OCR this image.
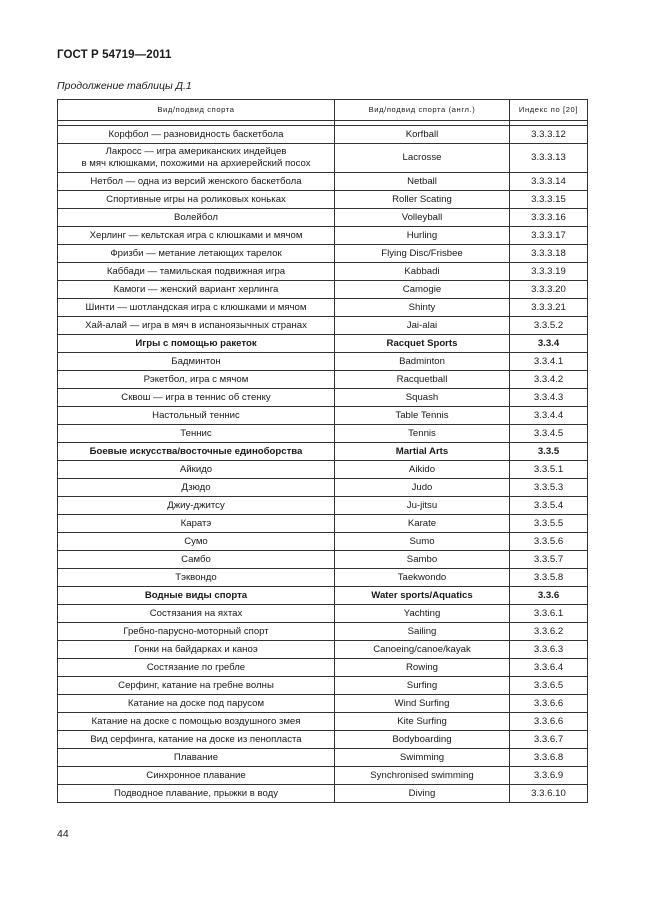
ГОСТ Р 54719—2011
Продолжение таблицы Д.1
Вид/подвид спорта	Вид/подвид спорта (англ.)	Индекс по [20]

Корфбол — разновидность баскетбола	Korfball	3.3.3.12
Лакросс — игра американских индейцев
в мяч клюшками, похожими на архиерейский посох	Lacrosse	3.3.3.13
Нетбол — одна из версий женского баскетбола	Netball	3.3.3.14
Спортивные игры на роликовых коньках	Roller Scating	3.3.3.15
Волейбол	Volleyball	3.3.3.16
Херлинг — кельтская игра с клюшками и мячом	Hurling	3.3.3.17
Фризби — метание летающих тарелок	Flying Disc/Frisbee	3.3.3.18
Каббади — тамильская подвижная игра	Kabbadi	3.3.3.19
Камоги — женский вариант херлинга	Camogie	3.3.3.20
Шинти — шотландская игра с клюшками и мячом	Shinty	3.3.3.21
Хай-алай — игра в мяч в испаноязычных странах	Jai-alai	3.3.5.2
Игры с помощью ракеток	Racquet Sports	3.3.4
Бадминтон	Badminton	3.3.4.1
Рэкетбол, игра с мячом	Racquetball	3.3.4.2
Сквош — игра в теннис об стенку	Squash	3.3.4.3
Настольный теннис	Table Tennis	3.3.4.4
Теннис	Tennis	3.3.4.5
Боевые искусства/восточные единоборства	Martial Arts	3.3.5
Айкидо	Aikido	3.3.5.1
Дзюдо	Judo	3.3.5.3
Джиу-джитсу	Ju-jitsu	3.3.5.4
Каратэ	Karate	3.3.5.5
Сумо	Sumo	3.3.5.6
Самбо	Sambo	3.3.5.7
Тэквондо	Taekwondo	3.3.5.8
Водные виды спорта	Water sports/Aquatics	3.3.6
Состязания на яхтах	Yachting	3.3.6.1
Гребно-парусно-моторный спорт	Sailing	3.3.6.2
Гонки на байдарках и каноэ	Canoeing/canoe/kayak	3.3.6.3
Состязание по гребле	Rowing	3.3.6.4
Серфинг, катание на гребне волны	Surfing	3.3.6.5
Катание на доске под парусом	Wind Surfing	3.3.6.6
Катание на доске с помощью воздушного змея	Kite Surfing	3.3.6.6
Вид серфинга, катание на доске из пенопласта	Bodyboarding	3.3.6.7
Плавание	Swimming	3.3.6.8
Синхронное плавание	Synchronised swimming	3.3.6.9
Подводное плавание, прыжки в воду	Diving	3.3.6.10
44
